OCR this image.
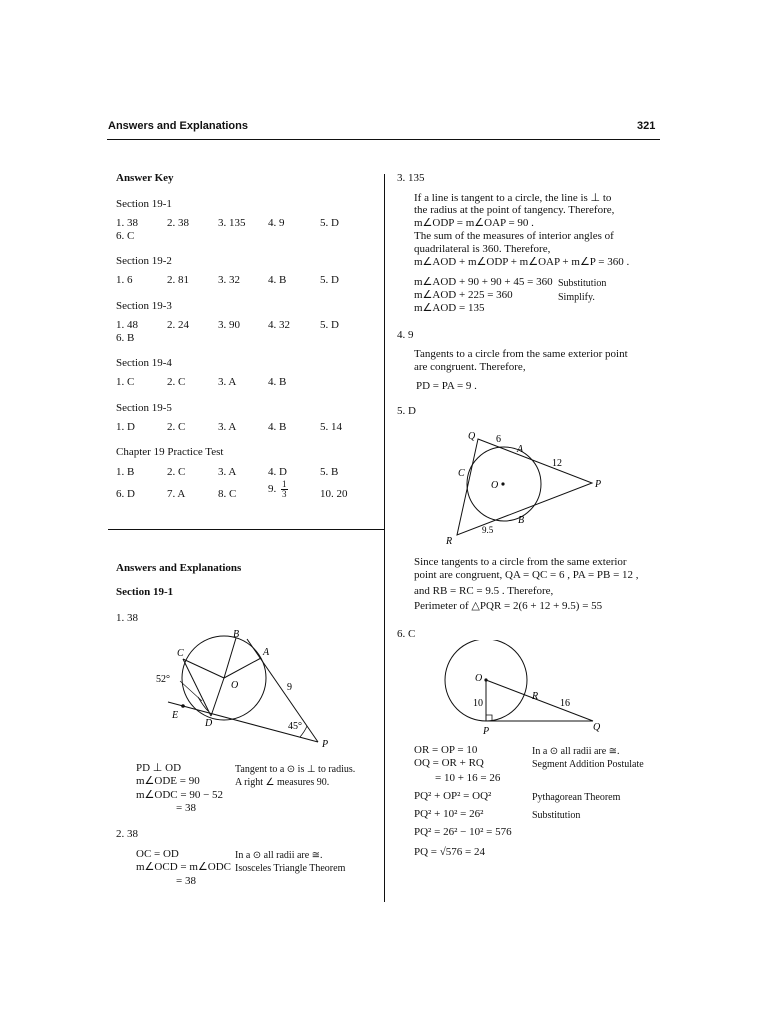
Answers and Explanations	321
Answer Key
Section 19-1
1. 38	2. 38	3. 135 4. 9	5. D
6. C
Section 19-2
1. 6	2. 81	3. 32	4. B	5. D
Section 19-3
1. 48	2. 24	3. 90	4. 32	5. D
6. B
Section 19-4
1. C	2. C	3. A	4. B
Section 19-5
1. D	2. C	3. A	4. B	5. 14
Chapter 19 Practice Test
1. B	2. C	3. A	4. D	5. B
6. D	7. A	8. C	9. $\frac{1}{3}$	10. 20
Answers and Explanations
Section 19-1
1. 38
B
A
C
O
52°
9
E
D	45°
P
PD ⊥ OD	Tangent to a ⊙ is ⊥ to radius.
m∠ODE = 90	A right ∠ measures 90.
m∠ODC = 90 − 52
= 38
2. 38
OC = OD	In a ⊙ all radii are ≅.
m∠OCD = m∠ODC Isosceles Triangle Theorem
= 38
3. 135
If a line is tangent to a circle, the line is ⊥ to
the radius at the point of tangency. Therefore,
m∠ODP = m∠OAP = 90 .
The sum of the measures of interior angles of
quadrilateral is 360. Therefore,
m∠AOD + m∠ODP + m∠OAP + m∠P = 360 .
m∠AOD + 90 + 90 + 45 = 360 Substitution
m∠AOD + 225 = 360	Simplify.
m∠AOD = 135
4. 9
Tangents to a circle from the same exterior point
are congruent. Therefore,
PD = PA = 9 .
5. D
Q 6
A
12
C
O	P
B
9.5
R
Since tangents to a circle from the same exterior
point are congruent, QA = QC = 6 , PA = PB = 12 ,
and RB = RC = 9.5 . Therefore,
Perimeter of △PQR = 2(6 + 12 + 9.5) = 55
6. C
O
R
10	16
P	Q
OR = OP = 10	In a ⊙ all radii are ≅.
OQ = OR + RQ	Segment Addition Postulate
= 10 + 16 = 26
PQ² + OP² = OQ²	Pythagorean Theorem
PQ² + 10² = 26²	Substitution
PQ² = 26² − 10² = 576
PQ = √576 = 24
